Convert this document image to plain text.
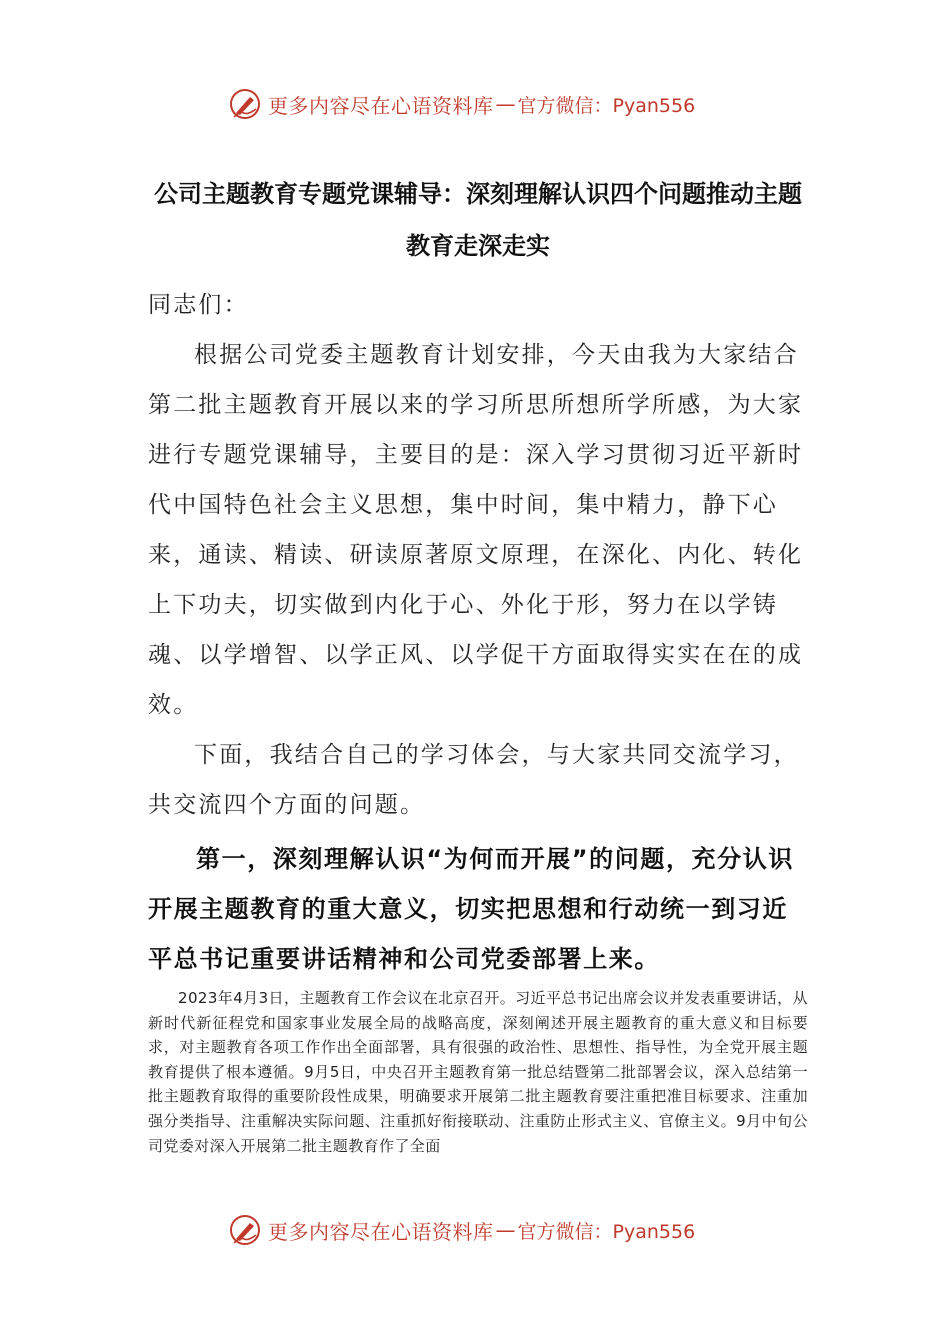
更多内容尽在心语资料库 — 官方微信：Pyan556
公司主题教育专题党课辅导：深刻理解认识四个问题推动主题教育走深走实
同志们：
根据公司党委主题教育计划安排，今天由我为大家结合第二批主题教育开展以来的学习所思所想所学所感，为大家进行专题党课辅导，主要目的是：深入学习贯彻习近平新时代中国特色社会主义思想，集中时间，集中精力，静下心来，通读、精读、研读原著原文原理，在深化、内化、转化上下功夫，切实做到内化于心、外化于形，努力在以学铸魂、以学增智、以学正风、以学促干方面取得实实在在的成效。
下面，我结合自己的学习体会，与大家共同交流学习，共交流四个方面的问题。
第一，深刻理解认识“为何而开展”的问题，充分认识开展主题教育的重大意义，切实把思想和行动统一到习近平总书记重要讲话精神和公司党委部署上来。
2023年4月3日，主题教育工作会议在北京召开。习近平总书记出席会议并发表重要讲话，从新时代新征程党和国家事业发展全局的战略高度，深刻阐述开展主题教育的重大意义和目标要求，对主题教育各项工作作出全面部署，具有很强的政治性、思想性、指导性，为全党开展主题教育提供了根本遵循。9月5日，中央召开主题教育第一批总结暨第二批部署会议，深入总结第一批主题教育取得的重要阶段性成果，明确要求开展第二批主题教育要注重把准目标要求、注重加强分类指导、注重解决实际问题、注重抓好衔接联动、注重防止形式主义、官僚主义。9月中旬公司党委对深入开展第二批主题教育作了全面
更多内容尽在心语资料库 — 官方微信：Pyan556
